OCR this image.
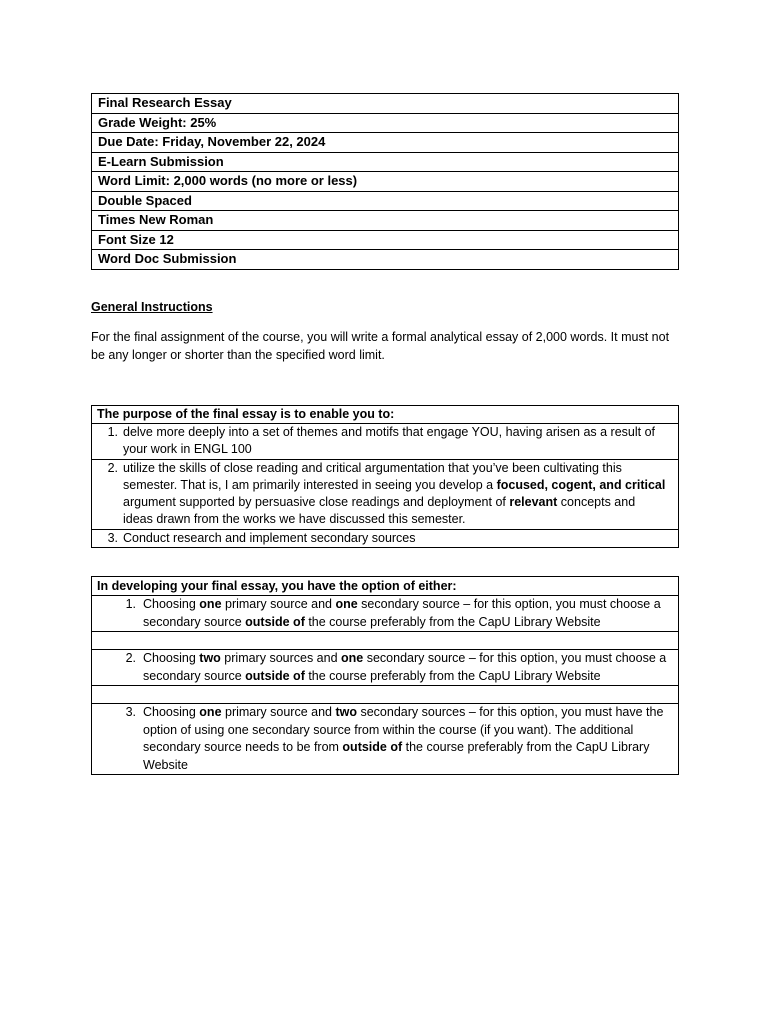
Final Research Essay
Grade Weight: 25%
Due Date: Friday, November 22, 2024
E-Learn Submission
Word Limit: 2,000 words (no more or less)
Double Spaced
Times New Roman
Font Size 12
Word Doc Submission
General Instructions
For the final assignment of the course, you will write a formal analytical essay of 2,000 words. It must not be any longer or shorter than the specified word limit.
The purpose of the final essay is to enable you to:
1. delve more deeply into a set of themes and motifs that engage YOU, having arisen as a result of your work in ENGL 100
2.utilize the skills of close reading and critical argumentation that you’ve been cultivating this semester. That is, I am primarily interested in seeing you develop a focused, cogent, and critical argument supported by persuasive close readings and deployment of relevant concepts and ideas drawn from the works we have discussed this semester.
3. Conduct research and implement secondary sources
In developing your final essay, you have the option of either:
1. Choosing one primary source and one secondary source – for this option, you must choose a secondary source outside of the course preferably from the CapU Library Website

2. Choosing two primary sources and one secondary source – for this option, you must choose a secondary source outside of the course preferably from the CapU Library Website

3. Choosing one primary source and two secondary sources – for this option, you must have the option of using one secondary source from within the course (if you want). The additional secondary source needs to be from outside of the course preferably from the CapU Library Website
